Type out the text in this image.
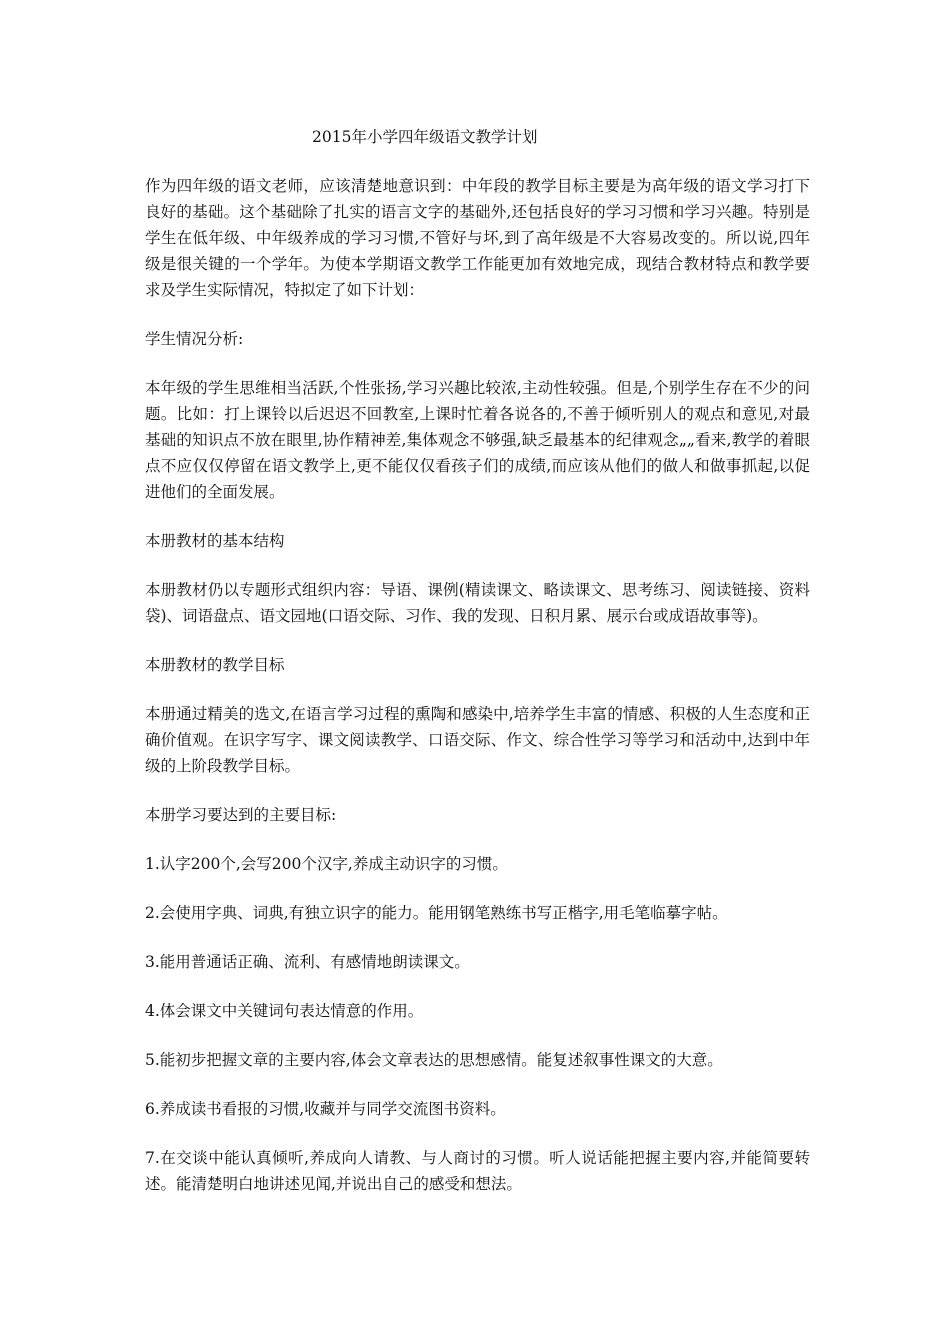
2015年小学四年级语文教学计划

作为四年级的语文老师，应该清楚地意识到：中年段的教学目标主要是为高年级的语文学习打下良好的基础。这个基础除了扎实的语言文字的基础外,还包括良好的学习习惯和学习兴趣。特别是学生在低年级、中年级养成的学习习惯,不管好与坏,到了高年级是不大容易改变的。所以说,四年级是很关键的一个学年。为使本学期语文教学工作能更加有效地完成，现结合教材特点和教学要求及学生实际情况，特拟定了如下计划：

学生情况分析:

本年级的学生思维相当活跃,个性张扬,学习兴趣比较浓,主动性较强。但是,个别学生存在不少的问题。比如：打上课铃以后迟迟不回教室,上课时忙着各说各的,不善于倾听别人的观点和意见,对最基础的知识点不放在眼里,协作精神差,集体观念不够强,缺乏最基本的纪律观念„„看来,教学的着眼点不应仅仅停留在语文教学上,更不能仅仅看孩子们的成绩,而应该从他们的做人和做事抓起,以促进他们的全面发展。

本册教材的基本结构

本册教材仍以专题形式组织内容：导语、课例(精读课文、略读课文、思考练习、阅读链接、资料袋)、词语盘点、语文园地(口语交际、习作、我的发现、日积月累、展示台或成语故事等)。

本册教材的教学目标

本册通过精美的选文,在语言学习过程的熏陶和感染中,培养学生丰富的情感、积极的人生态度和正确价值观。在识字写字、课文阅读教学、口语交际、作文、综合性学习等学习和活动中,达到中年级的上阶段教学目标。

本册学习要达到的主要目标:

1.认字200个,会写200个汉字,养成主动识字的习惯。

2.会使用字典、词典,有独立识字的能力。能用钢笔熟练书写正楷字,用毛笔临摹字帖。

3.能用普通话正确、流利、有感情地朗读课文。

4.体会课文中关键词句表达情意的作用。

5.能初步把握文章的主要内容,体会文章表达的思想感情。能复述叙事性课文的大意。

6.养成读书看报的习惯,收藏并与同学交流图书资料。

7.在交谈中能认真倾听,养成向人请教、与人商讨的习惯。听人说话能把握主要内容,并能简要转述。能清楚明白地讲述见闻,并说出自己的感受和想法。
